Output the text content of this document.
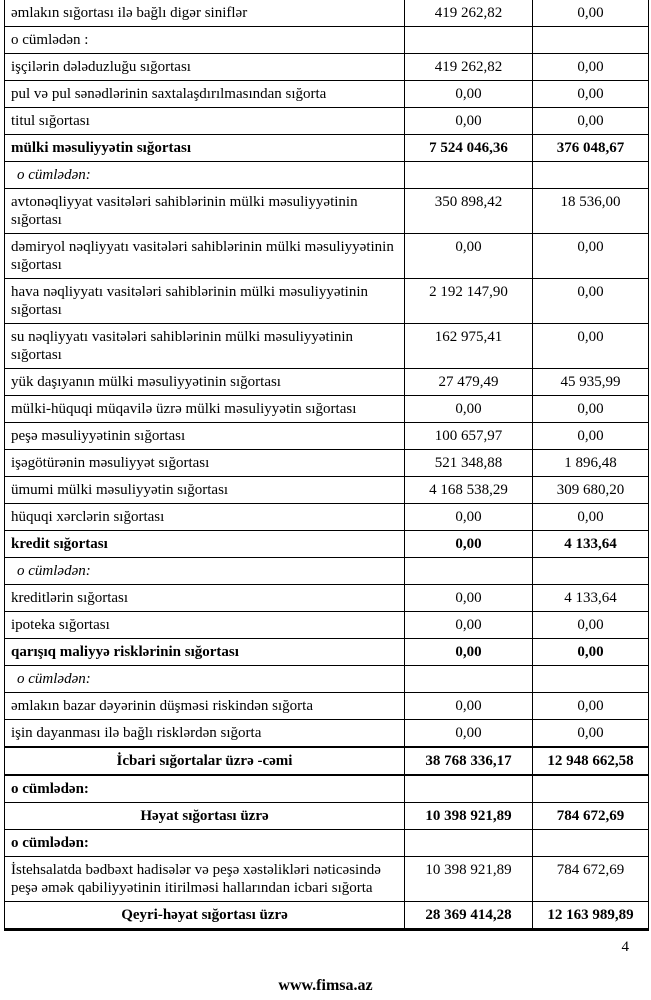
əmlakın sığortası ilə bağlı digər siniflər	419 262,82	0,00
o cümlədən :		
işçilərin dələduzluğu sığortası	419 262,82	0,00
pul və pul sənədlərinin saxtalaşdırılmasından sığorta	0,00	0,00
titul sığortası	0,00	0,00
mülki məsuliyyətin sığortası	7 524 046,36	376 048,67
o cümlədən:		
avtonəqliyyat vasitələri sahiblərinin mülki məsuliyyətinin sığortası	350 898,42	18 536,00
dəmiryol nəqliyyatı vasitələri sahiblərinin mülki məsuliyyətinin sığortası	0,00	0,00
hava nəqliyyatı vasitələri sahiblərinin mülki məsuliyyətinin sığortası	2 192 147,90	0,00
su nəqliyyatı vasitələri sahiblərinin mülki məsuliyyətinin sığortası	162 975,41	0,00
yük daşıyanın mülki məsuliyyətinin sığortası	27 479,49	45 935,99
mülki-hüquqi müqavilə üzrə mülki məsuliyyətin sığortası	0,00	0,00
peşə məsuliyyətinin sığortası	100 657,97	0,00
işəgötürənin məsuliyyət sığortası	521 348,88	1 896,48
ümumi mülki məsuliyyətin sığortası	4 168 538,29	309 680,20
hüquqi xərclərin sığortası	0,00	0,00
kredit sığortası	0,00	4 133,64
o cümlədən:		
kreditlərin sığortası	0,00	4 133,64
ipoteka sığortası	0,00	0,00
qarışıq maliyyə risklərinin sığortası	0,00	0,00
o cümlədən:		
əmlakın bazar dəyərinin düşməsi riskindən sığorta	0,00	0,00
işin dayanması ilə bağlı risklərdən sığorta	0,00	0,00
İcbari sığortalar üzrə -cəmi	38 768 336,17	12 948 662,58
o cümlədən:		
Həyat sığortası üzrə	10 398 921,89	784 672,69
o cümlədən:		
İstehsalatda bədbəxt hadisələr və peşə xəstəlikləri nəticəsində peşə əmək qabiliyyətinin itirilməsi hallarından icbari sığorta	10 398 921,89	784 672,69
Qeyri-həyat sığortası üzrə	28 369 414,28	12 163 989,89
4
www.fimsa.az
